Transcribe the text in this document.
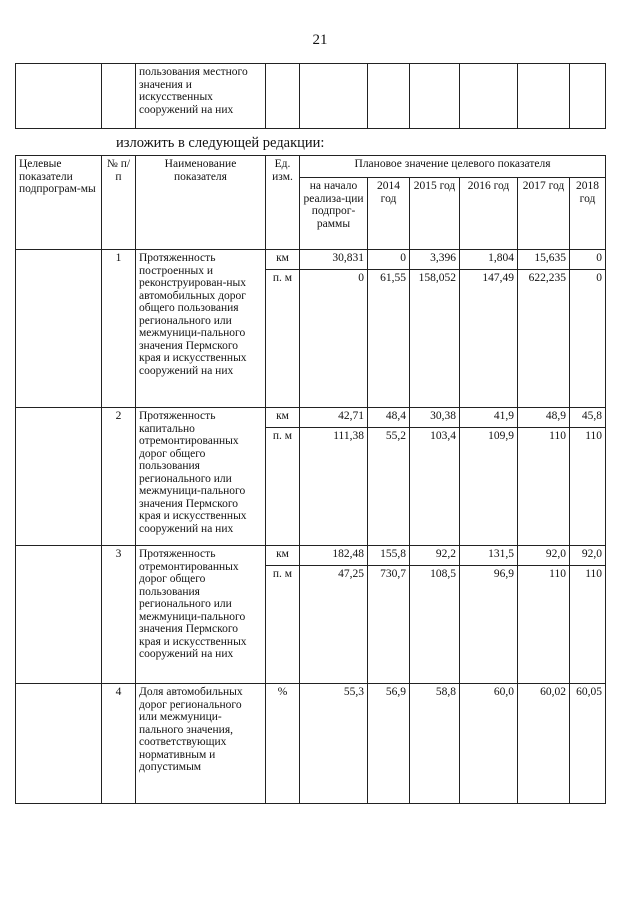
21
		пользования местного значения и искусственных сооружений на них							
изложить в следующей редакции:
Целевые показатели подпрограм-мы	№ п/п	Наименование показателя	Ед. изм.	Плановое значение целевого показателя					
				на начало реализа-ции подпрог-раммы	2014 год	2015 год	2016 год	2017 год	2018 год
	1	Протяженность построенных и реконструирован-ных автомобильных дорог общего пользования регионального или межмуници-пального значения Пермского края и искусственных сооружений на них	км	30,831	0	3,396	1,804	15,635	0
			п. м	0	61,55	158,052	147,49	622,235	0
	2	Протяженность капитально отремонтированных дорог общего пользования регионального или межмуници-пального значения Пермского края и искусственных сооружений на них	км	42,71	48,4	30,38	41,9	48,9	45,8
			п. м	111,38	55,2	103,4	109,9	110	110
	3	Протяженность отремонтированных дорог общего пользования регионального или межмуници-пального значения Пермского края и искусственных сооружений на них	км	182,48	155,8	92,2	131,5	92,0	92,0
			п. м	47,25	730,7	108,5	96,9	110	110
	4	Доля автомобильных дорог регионального или межмуници-пального значения, соответствующих нормативным и допустимым	%	55,3	56,9	58,8	60,0	60,02	60,05
